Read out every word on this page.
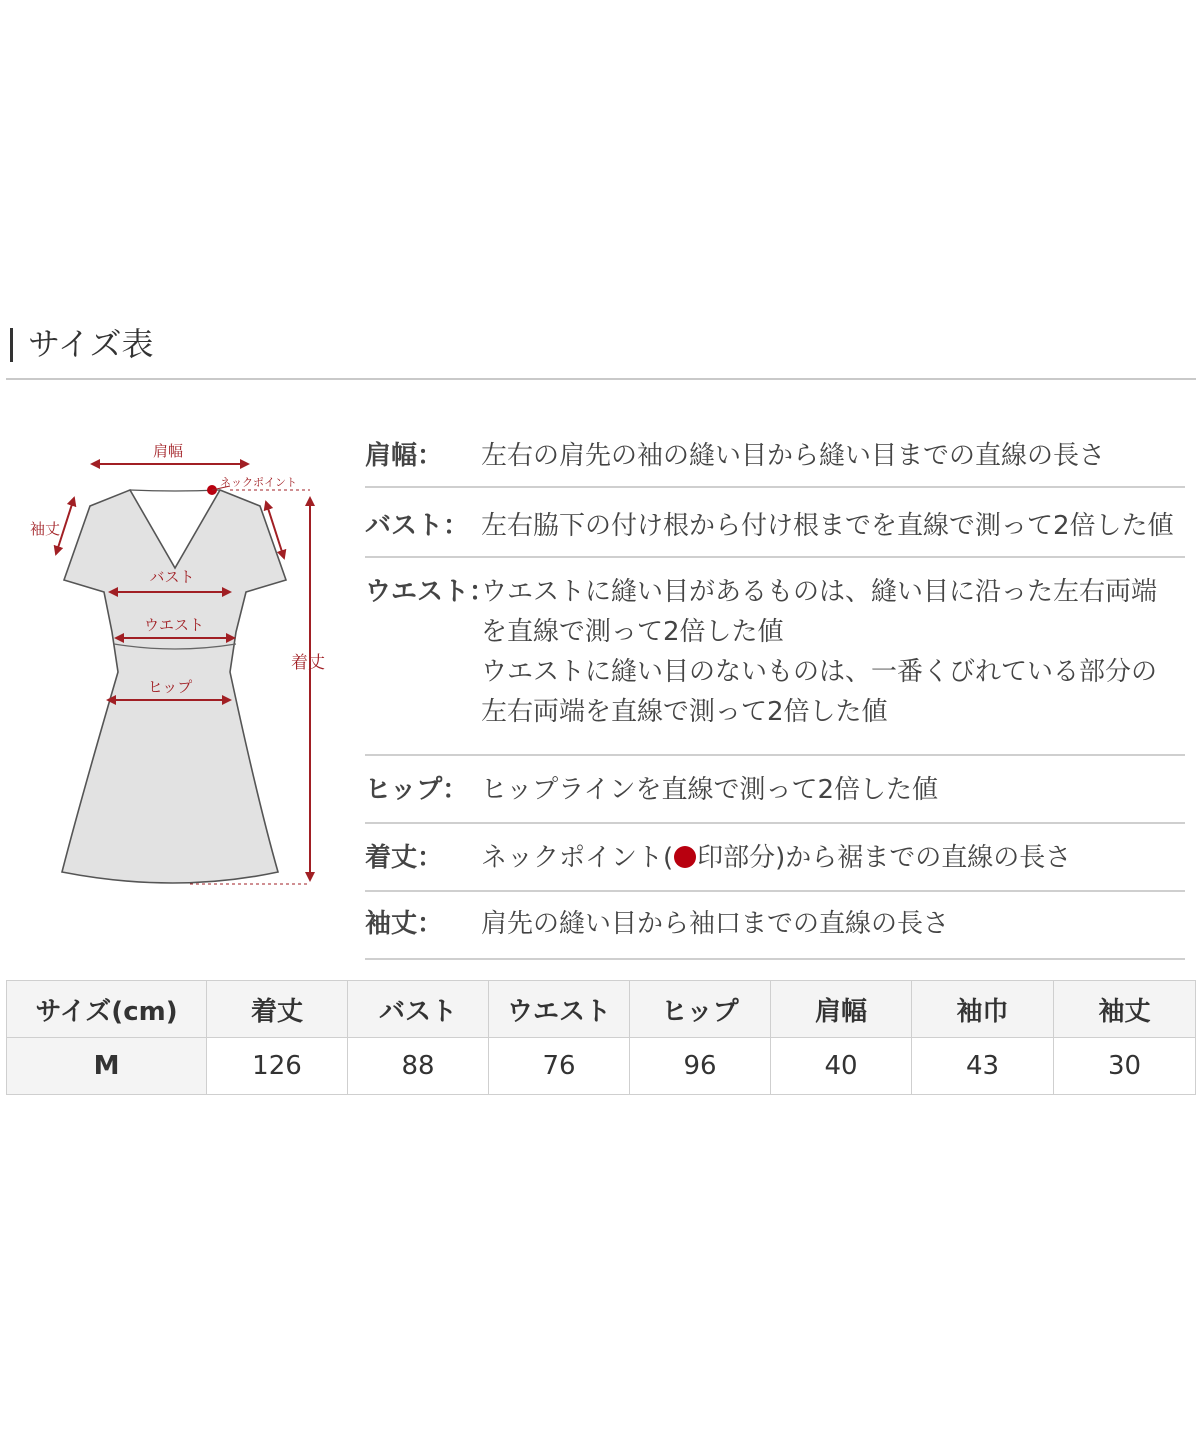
サイズ表
肩幅
ネックポイント
着丈
袖丈
バスト
ウエスト
ヒップ
肩幅： 左右の肩先の袖の縫い目から縫い目までの直線の長さ
バスト： 左右脇下の付け根から付け根までを直線で測って2倍した値
ウエスト：
ウエストに縫い目があるものは、縫い目に沿った左右両端
を直線で測って2倍した値
ウエストに縫い目のないものは、一番くびれている部分の
左右両端を直線で測って2倍した値
ヒップ： ヒップラインを直線で測って2倍した値
着丈： ネックポイント( 印部分)から裾までの直線の長さ
袖丈： 肩先の縫い目から袖口までの直線の長さ
サイズ(cm)	着丈	バスト	ウエスト	ヒップ	肩幅	袖巾	袖丈
M	126	88	76	96	40	43	30
